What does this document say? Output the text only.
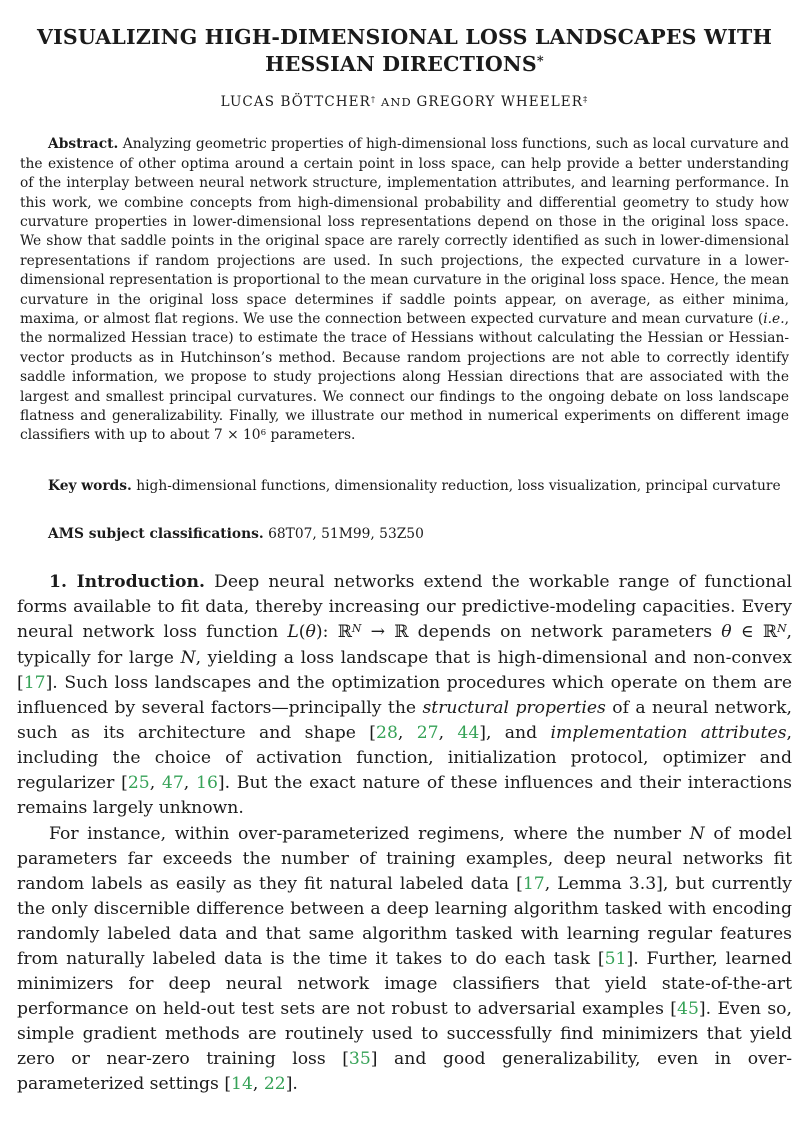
VISUALIZING HIGH-DIMENSIONAL LOSS LANDSCAPES WITH
HESSIAN DIRECTIONS*
LUCAS BÖTTCHER† AND GREGORY WHEELER‡

Abstract. Analyzing geometric properties of high-dimensional loss functions, such as local curvature and the existence of other optima around a certain point in loss space, can help provide a better understanding of the interplay between neural network structure, implementation attributes, and learning performance. In this work, we combine concepts from high-dimensional probability and differential geometry to study how curvature properties in lower-dimensional loss representations depend on those in the original loss space. We show that saddle points in the original space are rarely correctly identified as such in lower-dimensional representations if random projections are used. In such projections, the expected curvature in a lower-dimensional representation is proportional to the mean curvature in the original loss space. Hence, the mean curvature in the original loss space determines if saddle points appear, on average, as either minima, maxima, or almost flat regions. We use the connection between expected curvature and mean curvature (i.e., the normalized Hessian trace) to estimate the trace of Hessians without calculating the Hessian or Hessian-vector products as in Hutchinson’s method. Because random projections are not able to correctly identify saddle information, we propose to study projections along Hessian directions that are associated with the largest and smallest principal curvatures. We connect our findings to the ongoing debate on loss landscape flatness and generalizability. Finally, we illustrate our method in numerical experiments on different image classifiers with up to about $7 \times 10^6$ parameters.

Key words. high-dimensional functions, dimensionality reduction, loss visualization, principal curvature

AMS subject classifications. 68T07, 51M99, 53Z50

1. Introduction. Deep neural networks extend the workable range of functional forms available to fit data, thereby increasing our predictive-modeling capacities. Every neural network loss function L(θ): ℝ$^N$ → ℝ depends on network parameters θ ∈ ℝ$^N$, typically for large N, yielding a loss landscape that is high-dimensional and non-convex [17]. Such loss landscapes and the optimization procedures which operate on them are influenced by several factors—principally the structural properties of a neural network, such as its architecture and shape [28, 27, 44], and implementation attributes, including the choice of activation function, initialization protocol, optimizer and regularizer [25, 47, 16]. But the exact nature of these influences and their interactions remains largely unknown.

For instance, within over-parameterized regimens, where the number N of model parameters far exceeds the number of training examples, deep neural networks fit random labels as easily as they fit natural labeled data [17, Lemma 3.3], but currently the only discernible difference between a deep learning algorithm tasked with encoding randomly labeled data and that same algorithm tasked with learning regular features from naturally labeled data is the time it takes to do each task [51]. Further, learned minimizers for deep neural network image classifiers that yield state-of-the-art performance on held-out test sets are not robust to adversarial examples [45]. Even so, simple gradient methods are routinely used to successfully find minimizers that yield zero or near-zero training loss [35] and good generalizability, even in over-parameterized settings [14, 22].
